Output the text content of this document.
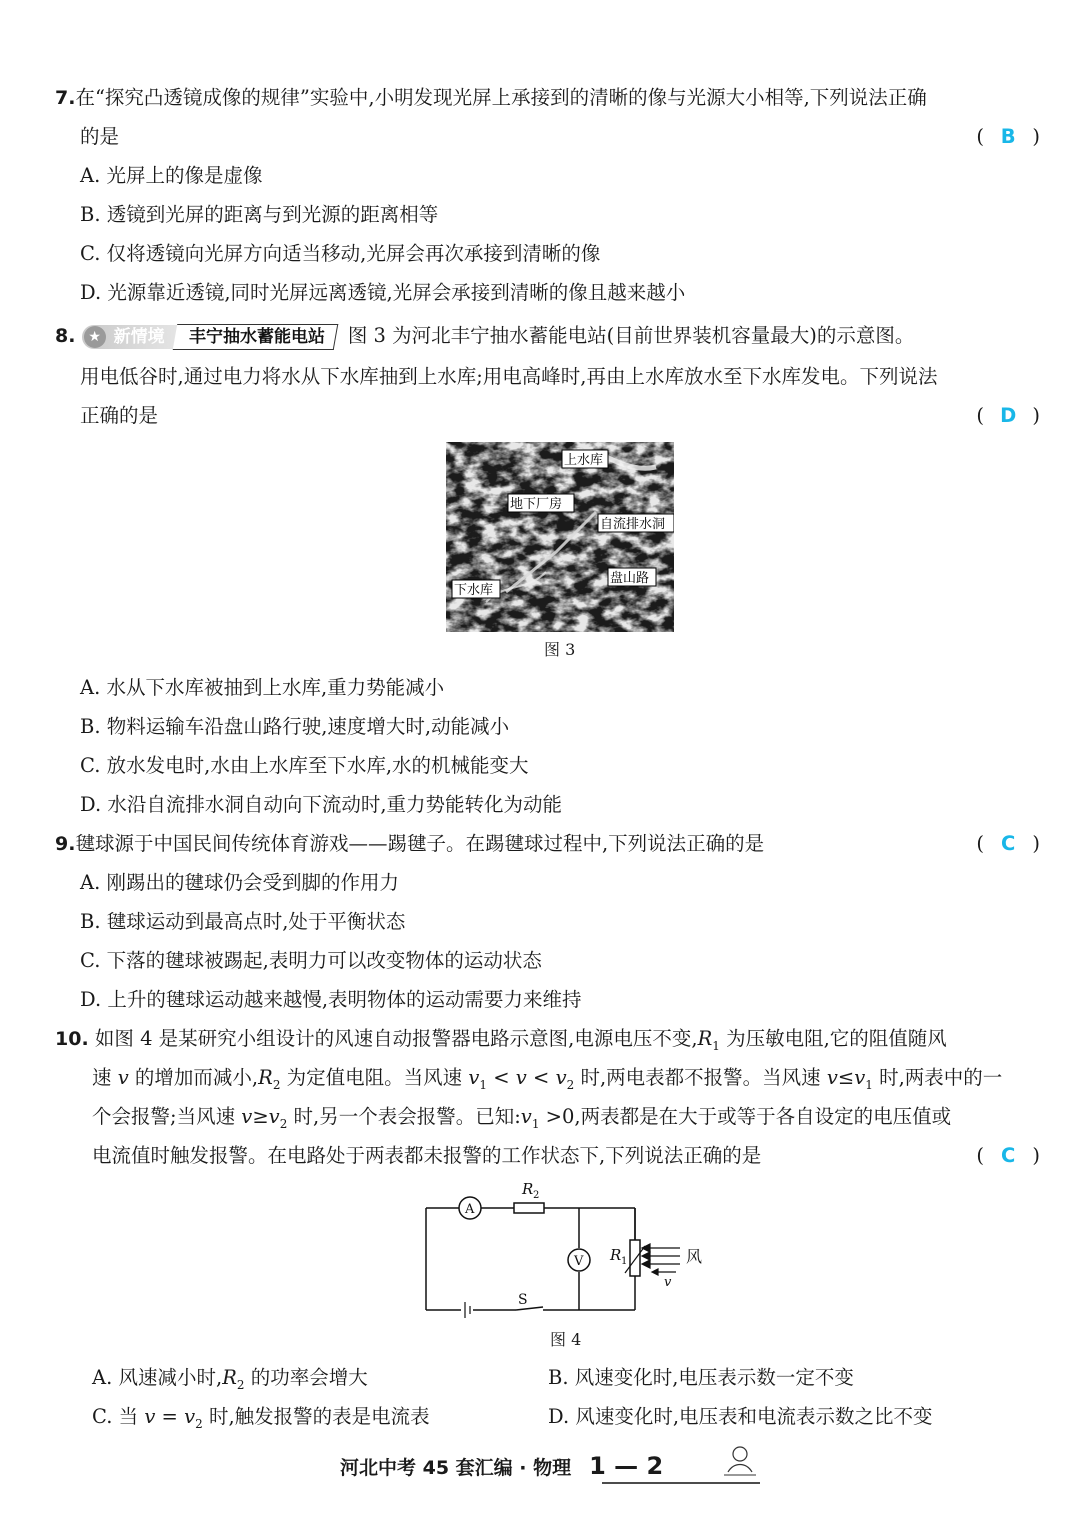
7.在“探究凸透镜成像的规律”实验中,小明发现光屏上承接到的清晰的像与光源大小相等,下列说法正确
的是	( B )
A. 光屏上的像是虚像
B. 透镜到光屏的距离与到光源的距离相等
C. 仅将透镜向光屏方向适当移动,光屏会再次承接到清晰的像
D. 光源靠近透镜,同时光屏远离透镜,光屏会承接到清晰的像且越来越小
8. ★ 新情境 丰宁抽水蓄能电站 图 3 为河北丰宁抽水蓄能电站(目前世界装机容量最大)的示意图。
用电低谷时,通过电力将水从下水库抽到上水库;用电高峰时,再由上水库放水至下水库发电。下列说法
正确的是	( D )
上水库
地下厂房
自流排水洞
盘山路
下水库
图 3
A. 水从下水库被抽到上水库,重力势能减小
B. 物料运输车沿盘山路行驶,速度增大时,动能减小
C. 放水发电时,水由上水库至下水库,水的机械能变大
D. 水沿自流排水洞自动向下流动时,重力势能转化为动能
9.毽球源于中国民间传统体育游戏——踢毽子。在踢毽球过程中,下列说法正确的是	( C )
A. 刚踢出的毽球仍会受到脚的作用力
B. 毽球运动到最高点时,处于平衡状态
C. 下落的毽球被踢起,表明力可以改变物体的运动状态
D. 上升的毽球运动越来越慢,表明物体的运动需要力来维持
10. 如图 4 是某研究小组设计的风速自动报警器电路示意图,电源电压不变$,R_1$ 为压敏电阻,它的阻值随风
速 v 的增加而减小$,R_2$ 为定值电阻。当风速 $v_1 < v < v_2$ 时,两电表都不报警。当风速 $v\le v_1$ 时,两表中的一
个会报警;当风速 $v\ge v_2$ 时,另一个表会报警。已知$:v_1 >0$,两表都是在大于或等于各自设定的电压值或
电流值时触发报警。在电路处于两表都未报警的工作状态下,下列说法正确的是	( C )
A
V
R 2
R 1
S
风
v
图 4
A. 风速减小时$,R_2$ 的功率会增大	B. 风速变化时,电压表示数一定不变
C. 当 $v = v_2$ 时,触发报警的表是电流表	D. 风速变化时,电压表和电流表示数之比不变
河北中考 45 套汇编 · 物理 1 — 2
